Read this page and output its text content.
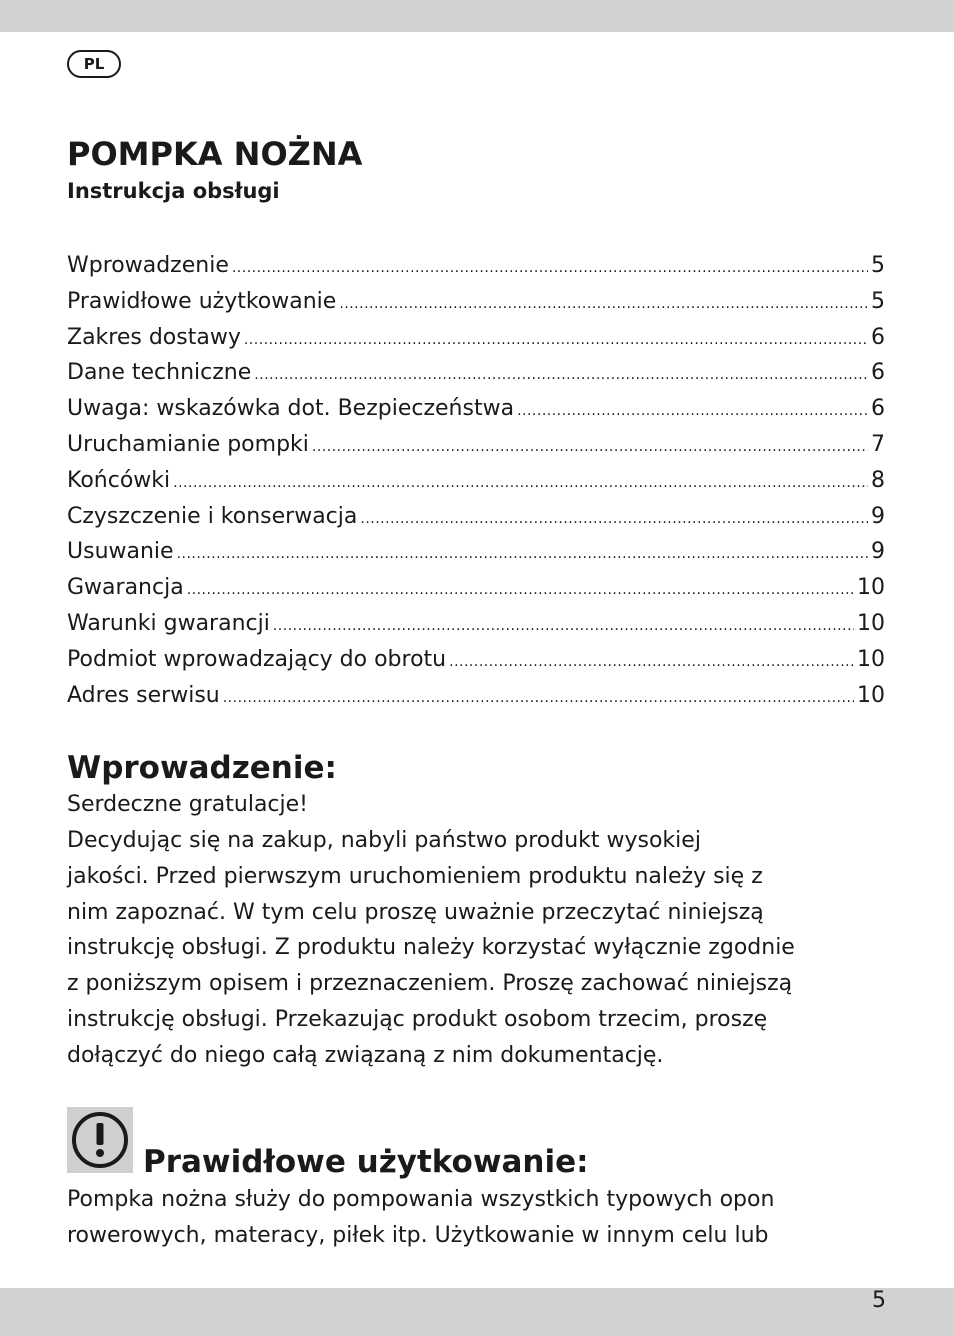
PL
POMPKA NOŻNA
Instrukcja obsługi
Wprowadzenie .....	5
Prawidłowe użytkowanie .....	5
Zakres dostawy .....	6
Dane techniczne .....	6
Uwaga: wskazówka dot. Bezpieczeństwa .....	6
Uruchamianie pompki .....	7
Końcówki .....	8
Czyszczenie i konserwacja .....	9
Usuwanie .....	9
Gwarancja .....	10
Warunki gwarancji .....	10
Podmiot wprowadzający do obrotu .....	10
Adres serwisu .....	10
Wprowadzenie:

Serdeczne gratulacje!

Decydując się na zakup, nabyli państwo produkt wysokiej
jakości. Przed pierwszym uruchomieniem produktu należy się z
nim zapoznać. W tym celu proszę uważnie przeczytać niniejszą
instrukcję obsługi. Z produktu należy korzystać wyłącznie zgodnie
z poniższym opisem i przeznaczeniem. Proszę zachować niniejszą
instrukcję obsługi. Przekazując produkt osobom trzecim, proszę
dołączyć do niego całą związaną z nim dokumentację.
Prawidłowe użytkowanie:
Pompka nożna służy do pompowania wszystkich typowych opon
rowerowych, materacy, piłek itp. Użytkowanie w innym celu lub
5
